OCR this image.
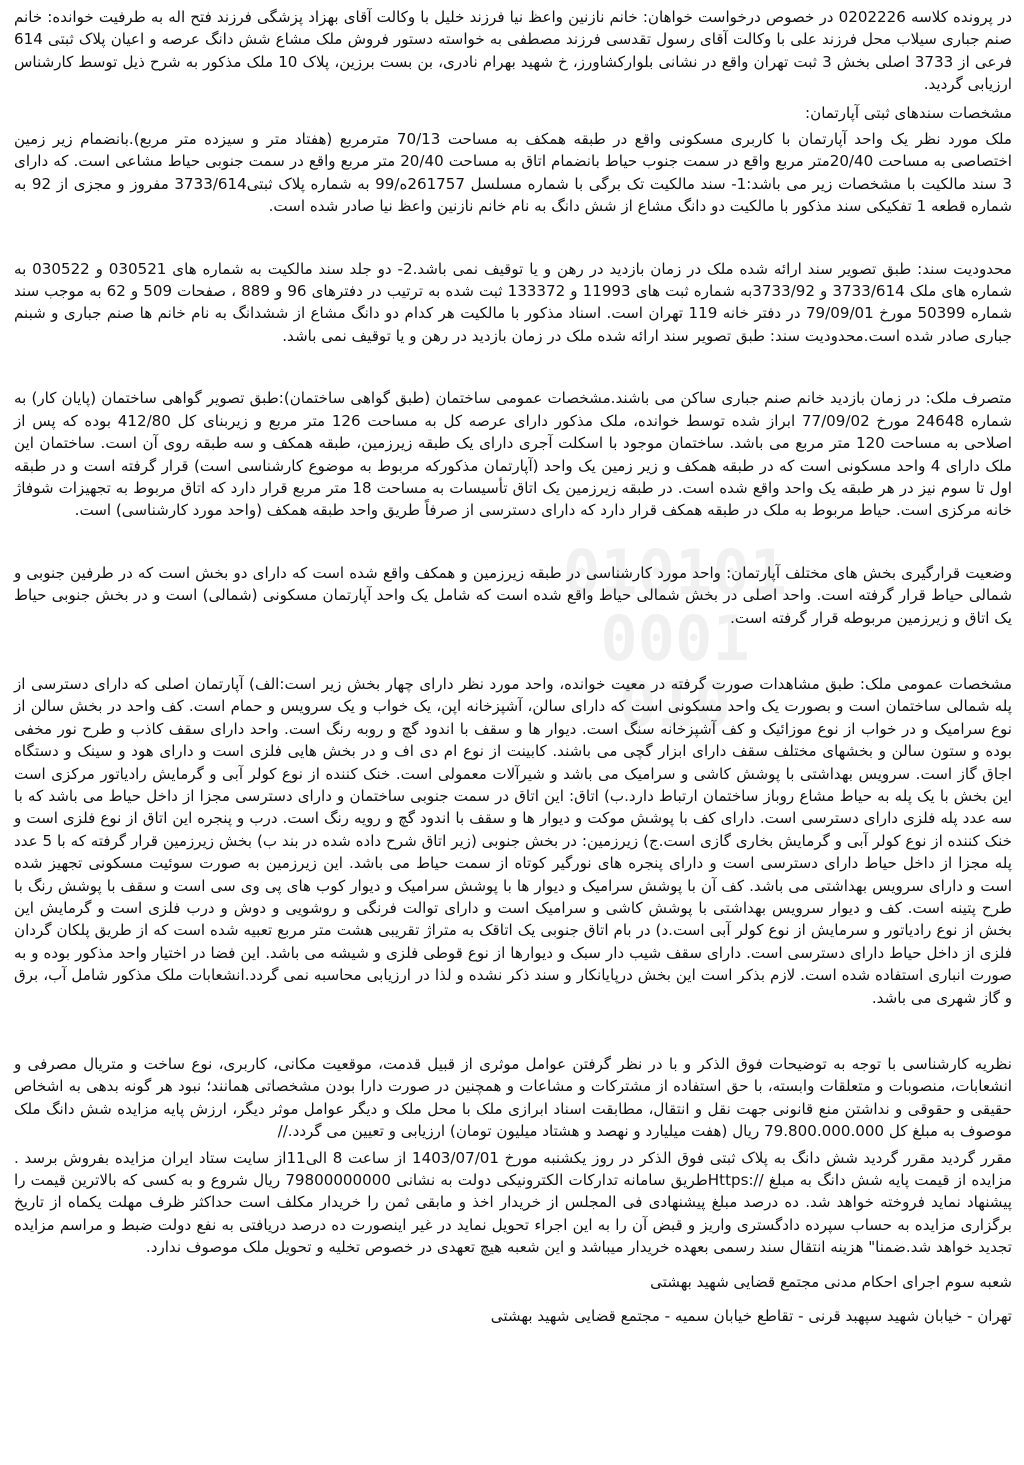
010101
0001
010

در پرونده کلاسه 0202226 در خصوص درخواست خواهان: خانم نازنین واعظ نیا فرزند خلیل با وکالت آقای بهزاد پزشگی فرزند فتح اله به طرفیت خوانده: خانم صنم جباری سیلاب محل فرزند علی با وکالت آقای رسول تقدسی فرزند مصطفی به خواسته دستور فروش ملک مشاع شش دانگ عرصه و اعیان پلاک ثبتی 614 فرعی از 3733 اصلی بخش 3 ثبت تهران واقع در نشانی بلوارکشاورز، خ شهید بهرام نادری، بن بست برزین، پلاک 10 ملک مذکور به شرح ذیل توسط کارشناس ارزیابی گردید.

مشخصات سندهای ثبتی آپارتمان:

ملک مورد نظر یک واحد آپارتمان با کاربری مسکونی واقع در طبقه همکف به مساحت 70/13 مترمربع (هفتاد متر و سیزده متر مربع).بانضمام زیر زمین اختصاصی به مساحت 20/40متر مربع واقع در سمت جنوب حیاط بانضمام اتاق به مساحت 20/40 متر مربع واقع در سمت جنوبی حیاط مشاعی است. که دارای 3 سند مالکیت با مشخصات زیر می باشد:1- سند مالکیت تک برگی با شماره مسلسل 261757ه/99 به شماره پلاک ثبتی3733/614 مفروز و مجزی از 92 به شماره قطعه 1 تفکیکی سند مذکور با مالکیت دو دانگ مشاع از شش دانگ به نام خانم نازنین واعظ نیا صادر شده است.

محدودیت سند: طبق تصویر سند ارائه شده ملک در زمان بازدید در رهن و یا توقیف نمی باشد.2- دو جلد سند مالکیت به شماره های 030521 و 030522 به شماره های ملک 3733/614 و 3733/92به شماره ثبت های 11993 و 133372 ثبت شده به ترتیب در دفترهای 96 و 889 ، صفحات 509 و 62 به موجب سند شماره 50399 مورخ 79/09/01 در دفتر خانه 119 تهران است. اسناد مذکور با مالکیت هر کدام دو دانگ مشاع از ششدانگ به نام خانم ها صنم جباری و شبنم جباری صادر شده است.محدودیت سند: طبق تصویر سند ارائه شده ملک در زمان بازدید در رهن و یا توقیف نمی باشد.

متصرف ملک: در زمان بازدید خانم صنم جباری ساکن می باشند.مشخصات عمومی ساختمان (طبق گواهی ساختمان):طبق تصویر گواهی ساختمان (پایان کار) به شماره 24648 مورخ 77/09/02 ابراز شده توسط خوانده، ملک مذکور دارای عرصه کل به مساحت 126 متر مربع و زیربنای کل 412/80 بوده که پس از اصلاحی به مساحت 120 متر مربع می باشد. ساختمان موجود با اسکلت آجری دارای یک طبقه زیرزمین، طبقه همکف و سه طبقه روی آن است. ساختمان این ملک دارای 4 واحد مسکونی است که در طبقه همکف و زیر زمین یک واحد (آپارتمان مذکورکه مربوط به موضوع کارشناسی است) قرار گرفته است و در طبقه اول تا سوم نیز در هر طبقه یک واحد واقع شده است. در طبقه زیرزمین یک اتاق تأسیسات به مساحت 18 متر مربع قرار دارد که اتاق مربوط به تجهیزات شوفاژ خانه مرکزی است. حیاط مربوط به ملک در طبقه همکف قرار دارد که دارای دسترسی از صرفاً طریق واحد طبقه همکف (واحد مورد کارشناسی) است.

وضعیت قرارگیری بخش های مختلف آپارتمان: واحد مورد کارشناسی در طبقه زیرزمین و همکف واقع شده است که دارای دو بخش است که در طرفین جنوبی و شمالی حیاط قرار گرفته است. واحد اصلی در بخش شمالی حیاط واقع شده است که شامل یک واحد آپارتمان مسکونی (شمالی) است و در بخش جنوبی حیاط یک اتاق و زیرزمین مربوطه قرار گرفته است.

مشخصات عمومی ملک: طبق مشاهدات صورت گرفته در معیت خوانده، واحد مورد نظر دارای چهار بخش زیر است:الف) آپارتمان اصلی که دارای دسترسی از پله شمالی ساختمان است و بصورت یک واحد مسکونی است که دارای سالن، آشپزخانه اپن، یک خواب و یک سرویس و حمام است. کف واحد در بخش سالن از نوع سرامیک و در خواب از نوع موزائیک و کف آشپزخانه سنگ است. دیوار ها و سقف با اندود گچ و روبه رنگ است. واحد دارای سقف کاذب و طرح نور مخفی بوده و ستون سالن و بخشهای مختلف سقف دارای ابزار گچی می باشند. کابینت از نوع ام دی اف و در بخش هایی فلزی است و دارای هود و سینک و دستگاه اجاق گاز است. سرویس بهداشتی با پوشش کاشی و سرامیک می باشد و شیرآلات معمولی است. خنک کننده از نوع کولر آبی و گرمایش رادیاتور مرکزی است این بخش با یک پله به حیاط مشاع روباز ساختمان ارتباط دارد.ب) اتاق: این اتاق در سمت جنوبی ساختمان و دارای دسترسی مجزا از داخل حیاط می باشد که با سه عدد پله فلزی دارای دسترسی است. دارای کف با پوشش موکت و دیوار ها و سقف با اندود گچ و رویه رنگ است. درب و پنجره این اتاق از نوع فلزی است و خنک کننده از نوع کولر آبی و گرمایش بخاری گازی است.ج) زیرزمین: در بخش جنوبی (زیر اتاق شرح داده شده در بند ب) بخش زیرزمین قرار گرفته که با 5 عدد پله مجزا از داخل حیاط دارای دسترسی است و دارای پنجره های نورگیر کوتاه از سمت حیاط می باشد. این زیرزمین به صورت سوئیت مسکونی تجهیز شده است و دارای سرویس بهداشتی می باشد. کف آن با پوشش سرامیک و دیوار ها با پوشش سرامیک و دیوار کوب های پی وی سی است و سقف با پوشش رنگ با طرح پتینه است. کف و دیوار سرویس بهداشتی با پوشش کاشی و سرامیک است و دارای توالت فرنگی و روشویی و دوش و درب فلزی است و گرمایش این بخش از نوع رادیاتور و سرمایش از نوع کولر آبی است.د) در بام اتاق جنوبی یک اتاقک به متراژ تقریبی هشت متر مربع تعبیه شده است که از طریق پلکان گردان فلزی از داخل حیاط دارای دسترسی است. دارای سقف شیب دار سبک و دیوارها از نوع قوطی فلزی و شیشه می باشد. این فضا در اختیار واحد مذکور بوده و به صورت انباری استفاده شده است. لازم بذکر است این بخش درپایانکار و سند ذکر نشده و لذا در ارزیابی محاسبه نمی گردد.انشعابات ملک مذکور شامل آب، برق و گاز شهری می باشد.

نظریه کارشناسی با توجه به توضیحات فوق الذکر و با در نظر گرفتن عوامل موثری از قبیل قدمت، موقعیت مکانی، کاربری، نوع ساخت و متریال مصرفی و انشعابات، منصوبات و متعلقات وابسته، با حق استفاده از مشترکات و مشاعات و همچنین در صورت دارا بودن مشخصاتی همانند؛ نبود هر گونه بدهی به اشخاص حقیقی و حقوقی و نداشتن منع قانونی جهت نقل و انتقال، مطابقت اسناد ابرازی ملک با محل ملک و دیگر عوامل موثر دیگر، ارزش پایه مزایده شش دانگ ملک موصوف به مبلغ کل 79.800.000.000 ریال (هفت میلیارد و نهصد و هشتاد میلیون تومان) ارزیابی و تعیین می گردد.//

مقرر گردید مقرر گردید شش دانگ به پلاک ثبتی فوق الذکر در روز یکشنبه مورخ 1403/07/01 از ساعت 8 الی11از سایت ستاد ایران مزایده بفروش برسد . مزایده از قیمت پایه شش دانگ به مبلغ //:Httpsطریق سامانه تدارکات الکترونیکی دولت به نشانی 79800000000 ریال شروع و به کسی که بالاترین قیمت را پیشنهاد نماید فروخته خواهد شد. ده درصد مبلغ پیشنهادی فی المجلس از خریدار اخذ و مابقی ثمن را خریدار مکلف است حداکثر ظرف مهلت یکماه از تاریخ برگزاری مزایده به حساب سپرده دادگستری واریز و قبض آن را به این اجراء تحویل نماید در غیر اینصورت ده درصد دریافتی به نفع دولت ضبط و مراسم مزایده تجدید خواهد شد.ضمنا" هزینه انتقال سند رسمی بعهده خریدار میباشد و این شعبه هیچ تعهدی در خصوص تخلیه و تحویل ملک موصوف ندارد.

شعبه سوم اجرای احکام مدنی مجتمع قضایی شهید بهشتی

تهران - خیابان شهید سپهبد قرنی - تقاطع خیابان سمیه - مجتمع قضایی شهید بهشتی
